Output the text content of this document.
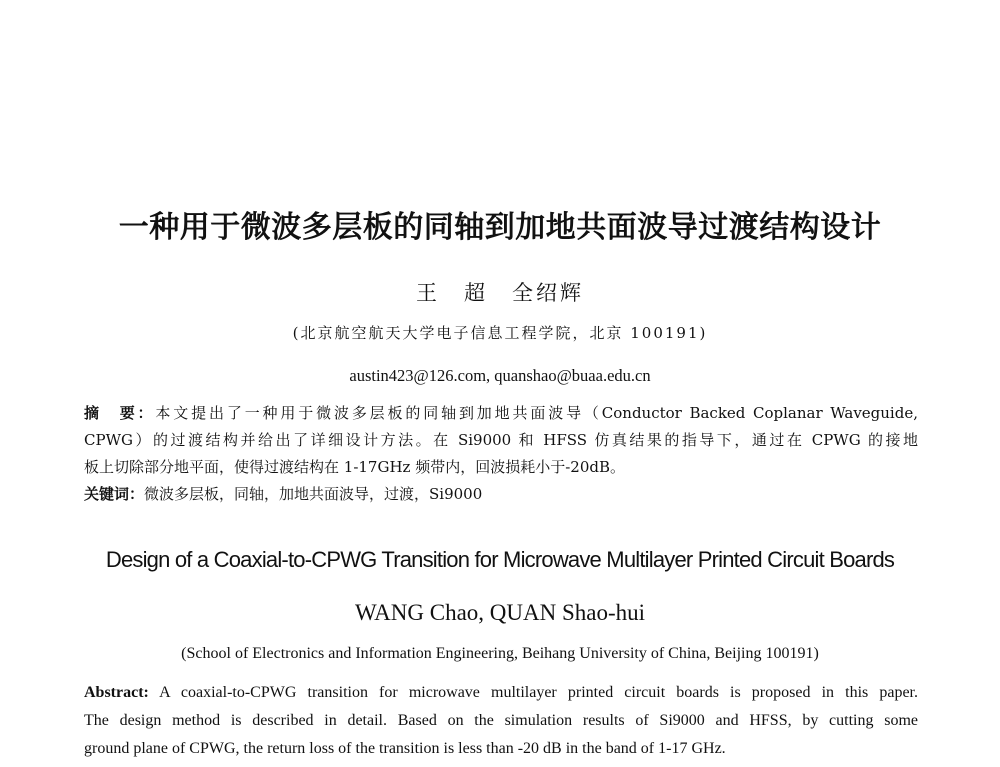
一种用于微波多层板的同轴到加地共面波导过渡结构设计
王　超　全绍辉
(北京航空航天大学电子信息工程学院，北京 100191)
austin423@126.com, quanshao@buaa.edu.cn
摘　要：本文提出了一种用于微波多层板的同轴到加地共面波导（Conductor Backed Coplanar Waveguide,
CPWG）的过渡结构并给出了详细设计方法。在 Si9000 和 HFSS 仿真结果的指导下，通过在 CPWG 的接地
板上切除部分地平面，使得过渡结构在 1-17GHz 频带内，回波损耗小于-20dB。
关键词：微波多层板，同轴，加地共面波导，过渡，Si9000
Design of a Coaxial-to-CPWG Transition for Microwave Multilayer Printed Circuit Boards
WANG Chao, QUAN Shao-hui
(School of Electronics and Information Engineering, Beihang University of China, Beijing 100191)
Abstract: A coaxial-to-CPWG transition for microwave multilayer printed circuit boards is proposed in this paper.
The design method is described in detail. Based on the simulation results of Si9000 and HFSS, by cutting some
ground plane of CPWG, the return loss of the transition is less than -20 dB in the band of 1-17 GHz.
